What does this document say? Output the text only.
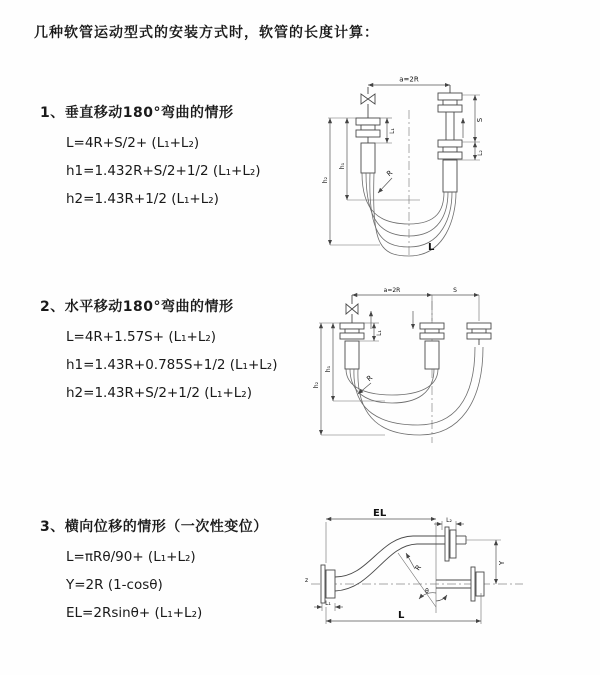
几种软管运动型式的安装方式时，软管的长度计算：
1、垂直移动180°弯曲的情形
L=4R+S/2+ (L₁+L₂)
h1=1.432R+S/2+1/2 (L₁+L₂)
h2=1.43R+1/2 (L₁+L₂)
a=2R
S
L₂
h₁
h₂
L₁
R
L
2、水平移动180°弯曲的情形
L=4R+1.57S+ (L₁+L₂)
h1=1.43R+0.785S+1/2 (L₁+L₂)
h2=1.43R+S/2+1/2 (L₁+L₂)
a=2R	S
h₁
h₂
L₁
R
3、横向位移的情形（一次性变位）
L=πRθ/90+ (L₁+L₂)
Y=2R (1-cosθ)
EL=2Rsinθ+ (L₁+L₂)
z
EL
L₂
Y
L₁
θ
R
L
